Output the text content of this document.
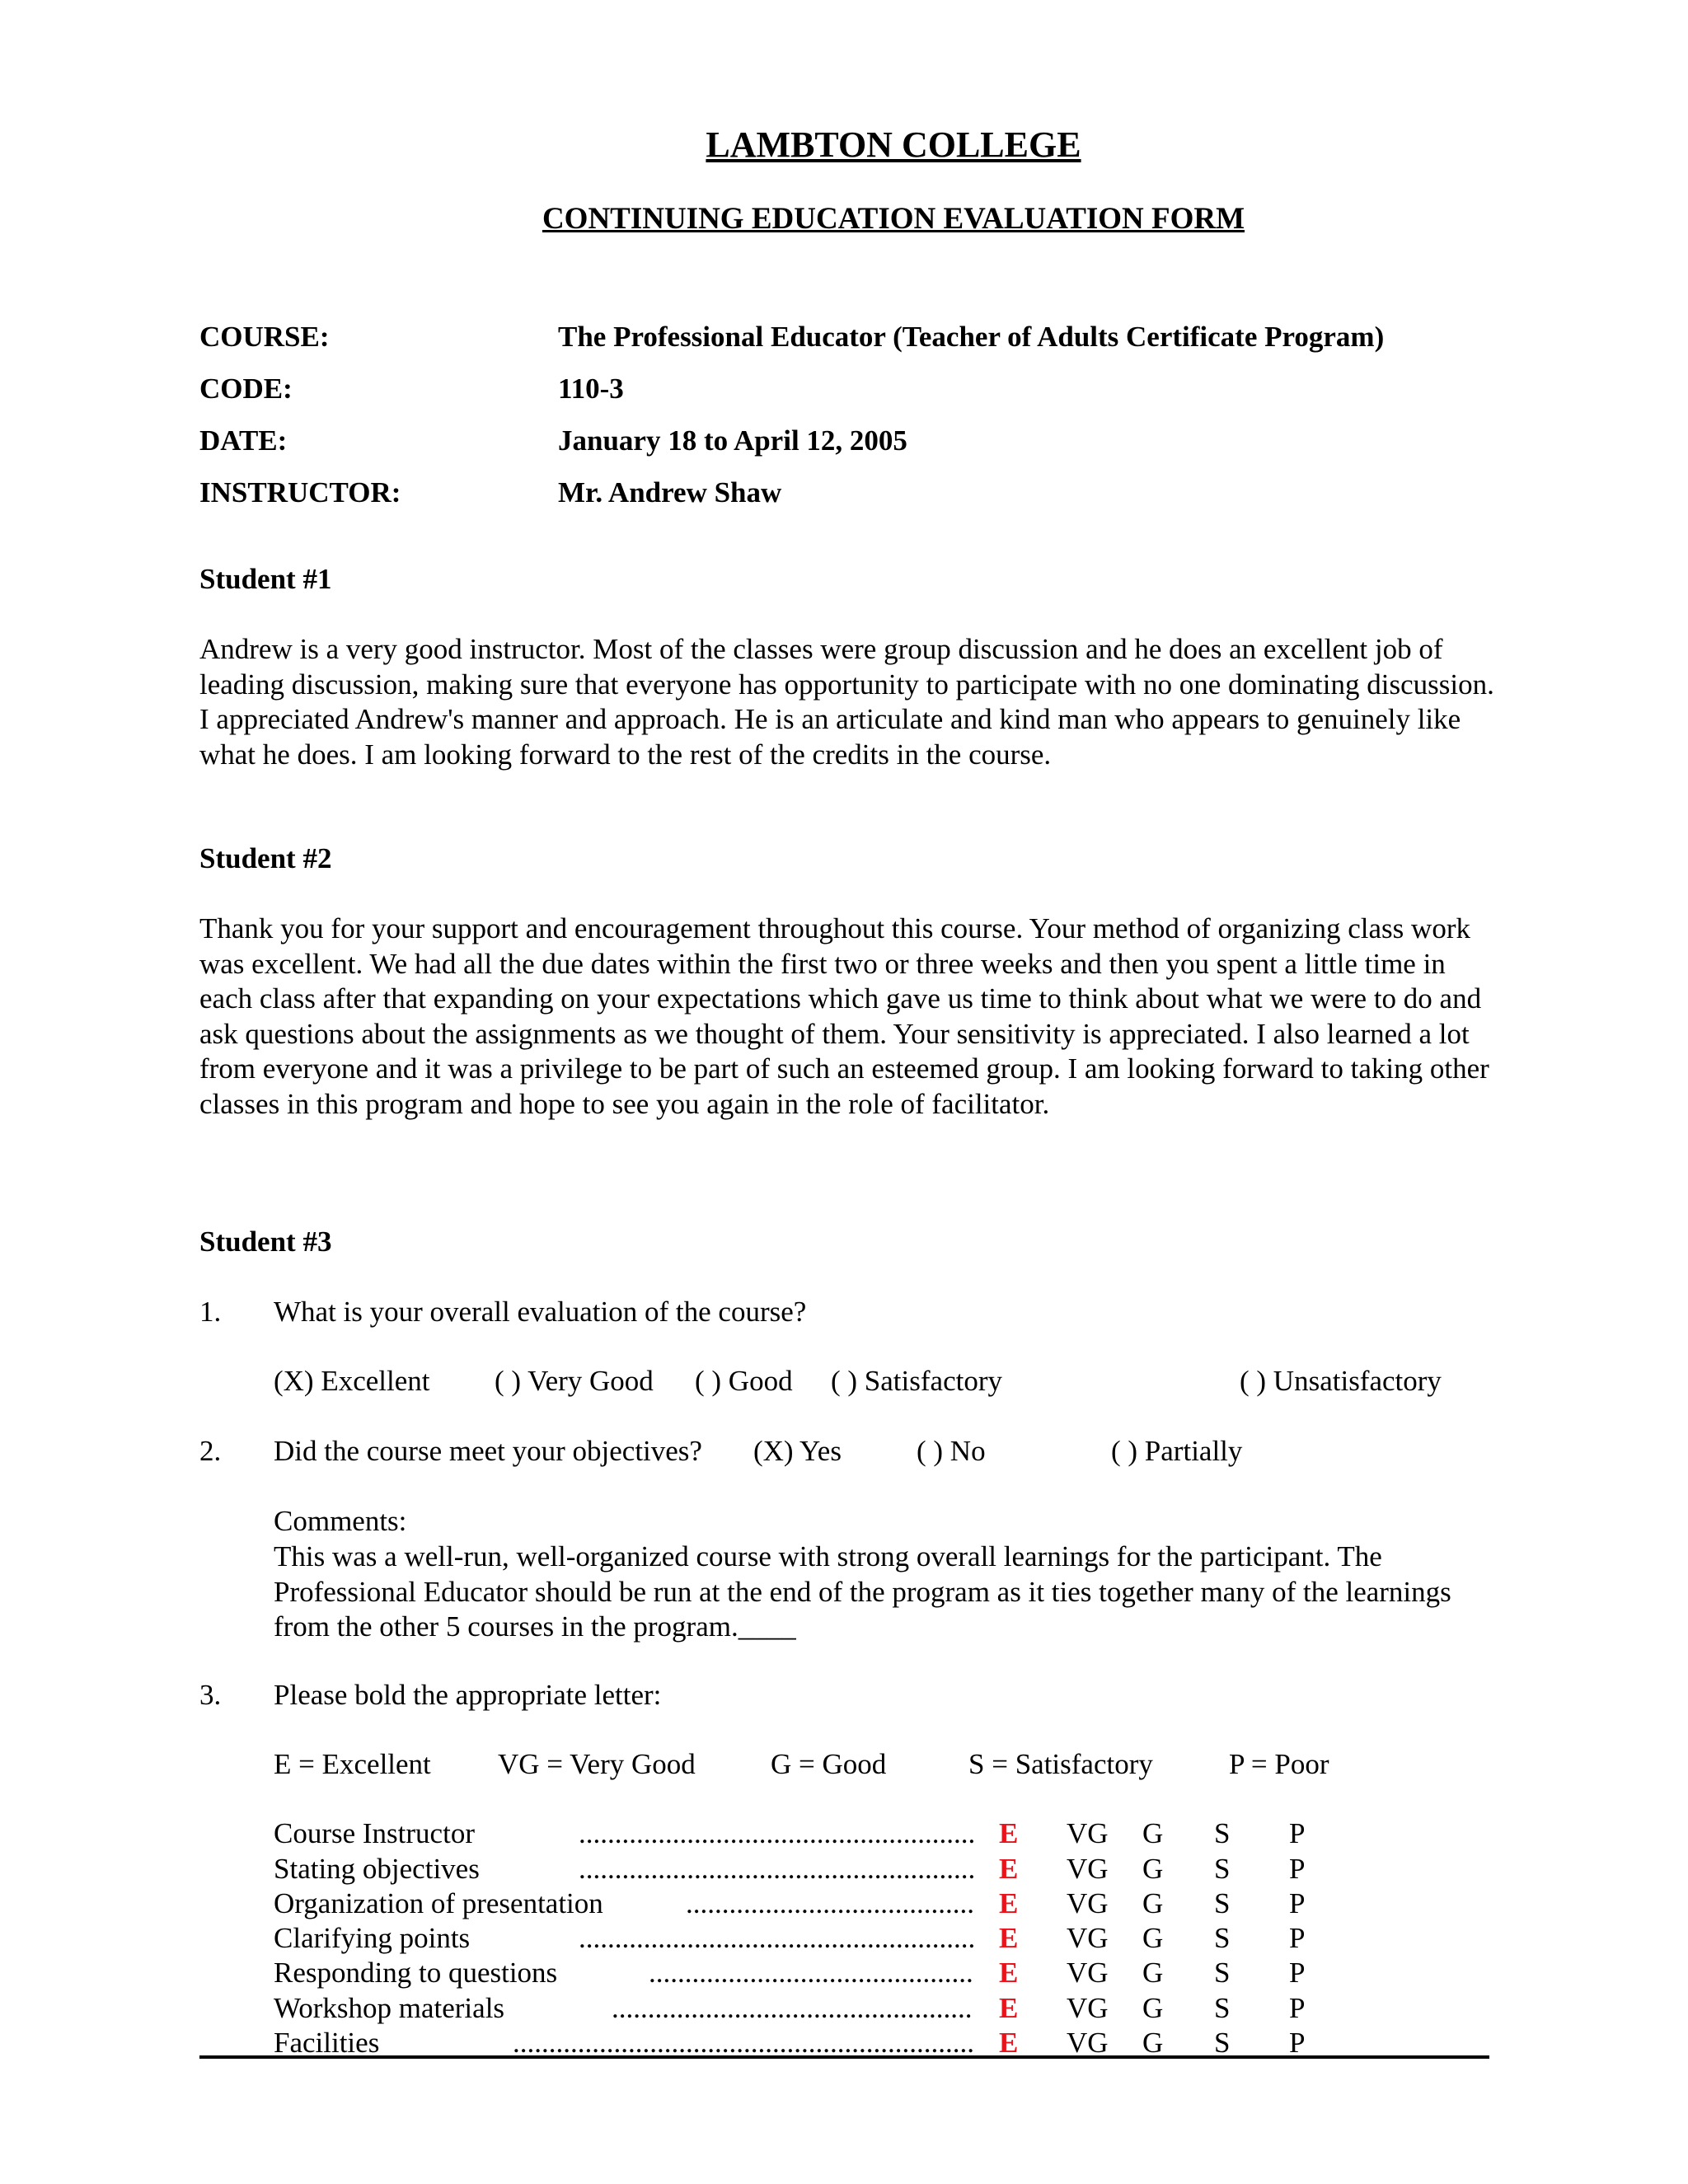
LAMBTON COLLEGE
CONTINUING EDUCATION EVALUATION FORM
COURSE:	The Professional Educator (Teacher of Adults Certificate Program)
CODE:	110-3
DATE:	January 18 to April 12, 2005
INSTRUCTOR:	Mr. Andrew Shaw
Student #1
Andrew is a very good instructor. Most of the classes were group discussion and he does an excellent job of leading discussion, making sure that everyone has opportunity to participate with no one dominating discussion. I appreciated Andrew's manner and approach. He is an articulate and kind man who appears to genuinely like what he does. I am looking forward to the rest of the credits in the course.
Student #2
Thank you for your support and encouragement throughout this course. Your method of organizing class work was excellent. We had all the due dates within the first two or three weeks and then you spent a little time in each class after that expanding on your expectations which gave us time to think about what we were to do and ask questions about the assignments as we thought of them. Your sensitivity is appreciated. I also learned a lot from everyone and it was a privilege to be part of such an esteemed group. I am looking forward to taking other classes in this program and hope to see you again in the role of facilitator.
Student #3
1. What is your overall evaluation of the course?
(X) Excellent ( ) Very Good ( ) Good ( ) Satisfactory	( ) Unsatisfactory
2. Did the course meet your objectives? (X) Yes	( ) No	( ) Partially
Comments:
This was a well-run, well-organized course with strong overall learnings for the participant. The Professional Educator should be run at the end of the program as it ties together many of the learnings from the other 5 courses in the program.____
3. Please bold the appropriate letter:
E = Excellent VG = Very Good	G = Good	S = Satisfactory	P = Poor
Course Instructor	....................................................... E VG G S P
Stating objectives	....................................................... E VG G S P
Organization of presentation	........................................ E VG G S P
Clarifying points	....................................................... E VG G S P
Responding to questions	............................................. E VG G S P
Workshop materials	.................................................. E VG G S P
Facilities	................................................................ E VG G S P
